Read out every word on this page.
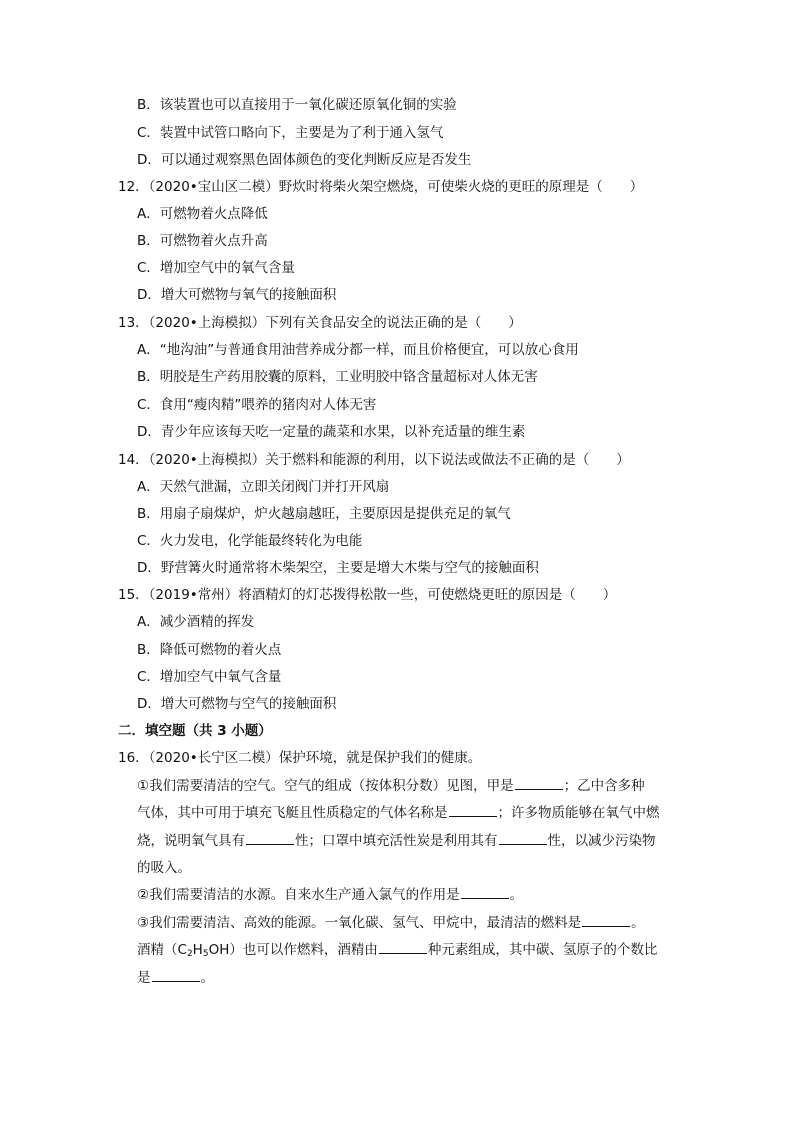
B．该装置也可以直接用于一氧化碳还原氧化铜的实验
C．装置中试管口略向下，主要是为了利于通入氢气
D．可以通过观察黑色固体颜色的变化判断反应是否发生
12．（2020•宝山区二模）野炊时将柴火架空燃烧，可使柴火烧的更旺的原理是（　　）
A．可燃物着火点降低
B．可燃物着火点升高
C．增加空气中的氧气含量
D．增大可燃物与氧气的接触面积
13．（2020•上海模拟）下列有关食品安全的说法正确的是（　　）
A．“地沟油”与普通食用油营养成分都一样，而且价格便宜，可以放心食用
B．明胶是生产药用胶囊的原料，工业明胶中铬含量超标对人体无害
C．食用“瘦肉精”喂养的猪肉对人体无害
D．青少年应该每天吃一定量的蔬菜和水果，以补充适量的维生素
14．（2020•上海模拟）关于燃料和能源的利用，以下说法或做法不正确的是（　　）
A．天然气泄漏，立即关闭阀门并打开风扇
B．用扇子扇煤炉，炉火越扇越旺，主要原因是提供充足的氧气
C．火力发电，化学能最终转化为电能
D．野营篝火时通常将木柴架空，主要是增大木柴与空气的接触面积
15．（2019•常州）将酒精灯的灯芯拨得松散一些，可使燃烧更旺的原因是（　　）
A．减少酒精的挥发
B．降低可燃物的着火点
C．增加空气中氧气含量
D．增大可燃物与空气的接触面积
二．填空题（共 3 小题）
16．（2020•长宁区二模）保护环境，就是保护我们的健康。
①我们需要清洁的空气。空气的组成（按体积分数）见图，甲是	；乙中含多种
气体，其中可用于填充飞艇且性质稳定的气体名称是	；许多物质能够在氧气中燃
烧，说明氧气具有	性；口罩中填充活性炭是利用其有	性，以减少污染物
的吸入。
②我们需要清洁的水源。自来水生产通入氯气的作用是	。
③我们需要清洁、高效的能源。一氧化碳、氢气、甲烷中，最清洁的燃料是	。
酒精$(C_2H_5OH)$也可以作燃料，酒精由	种元素组成，其中碳、氢原子的个数比
是	。
